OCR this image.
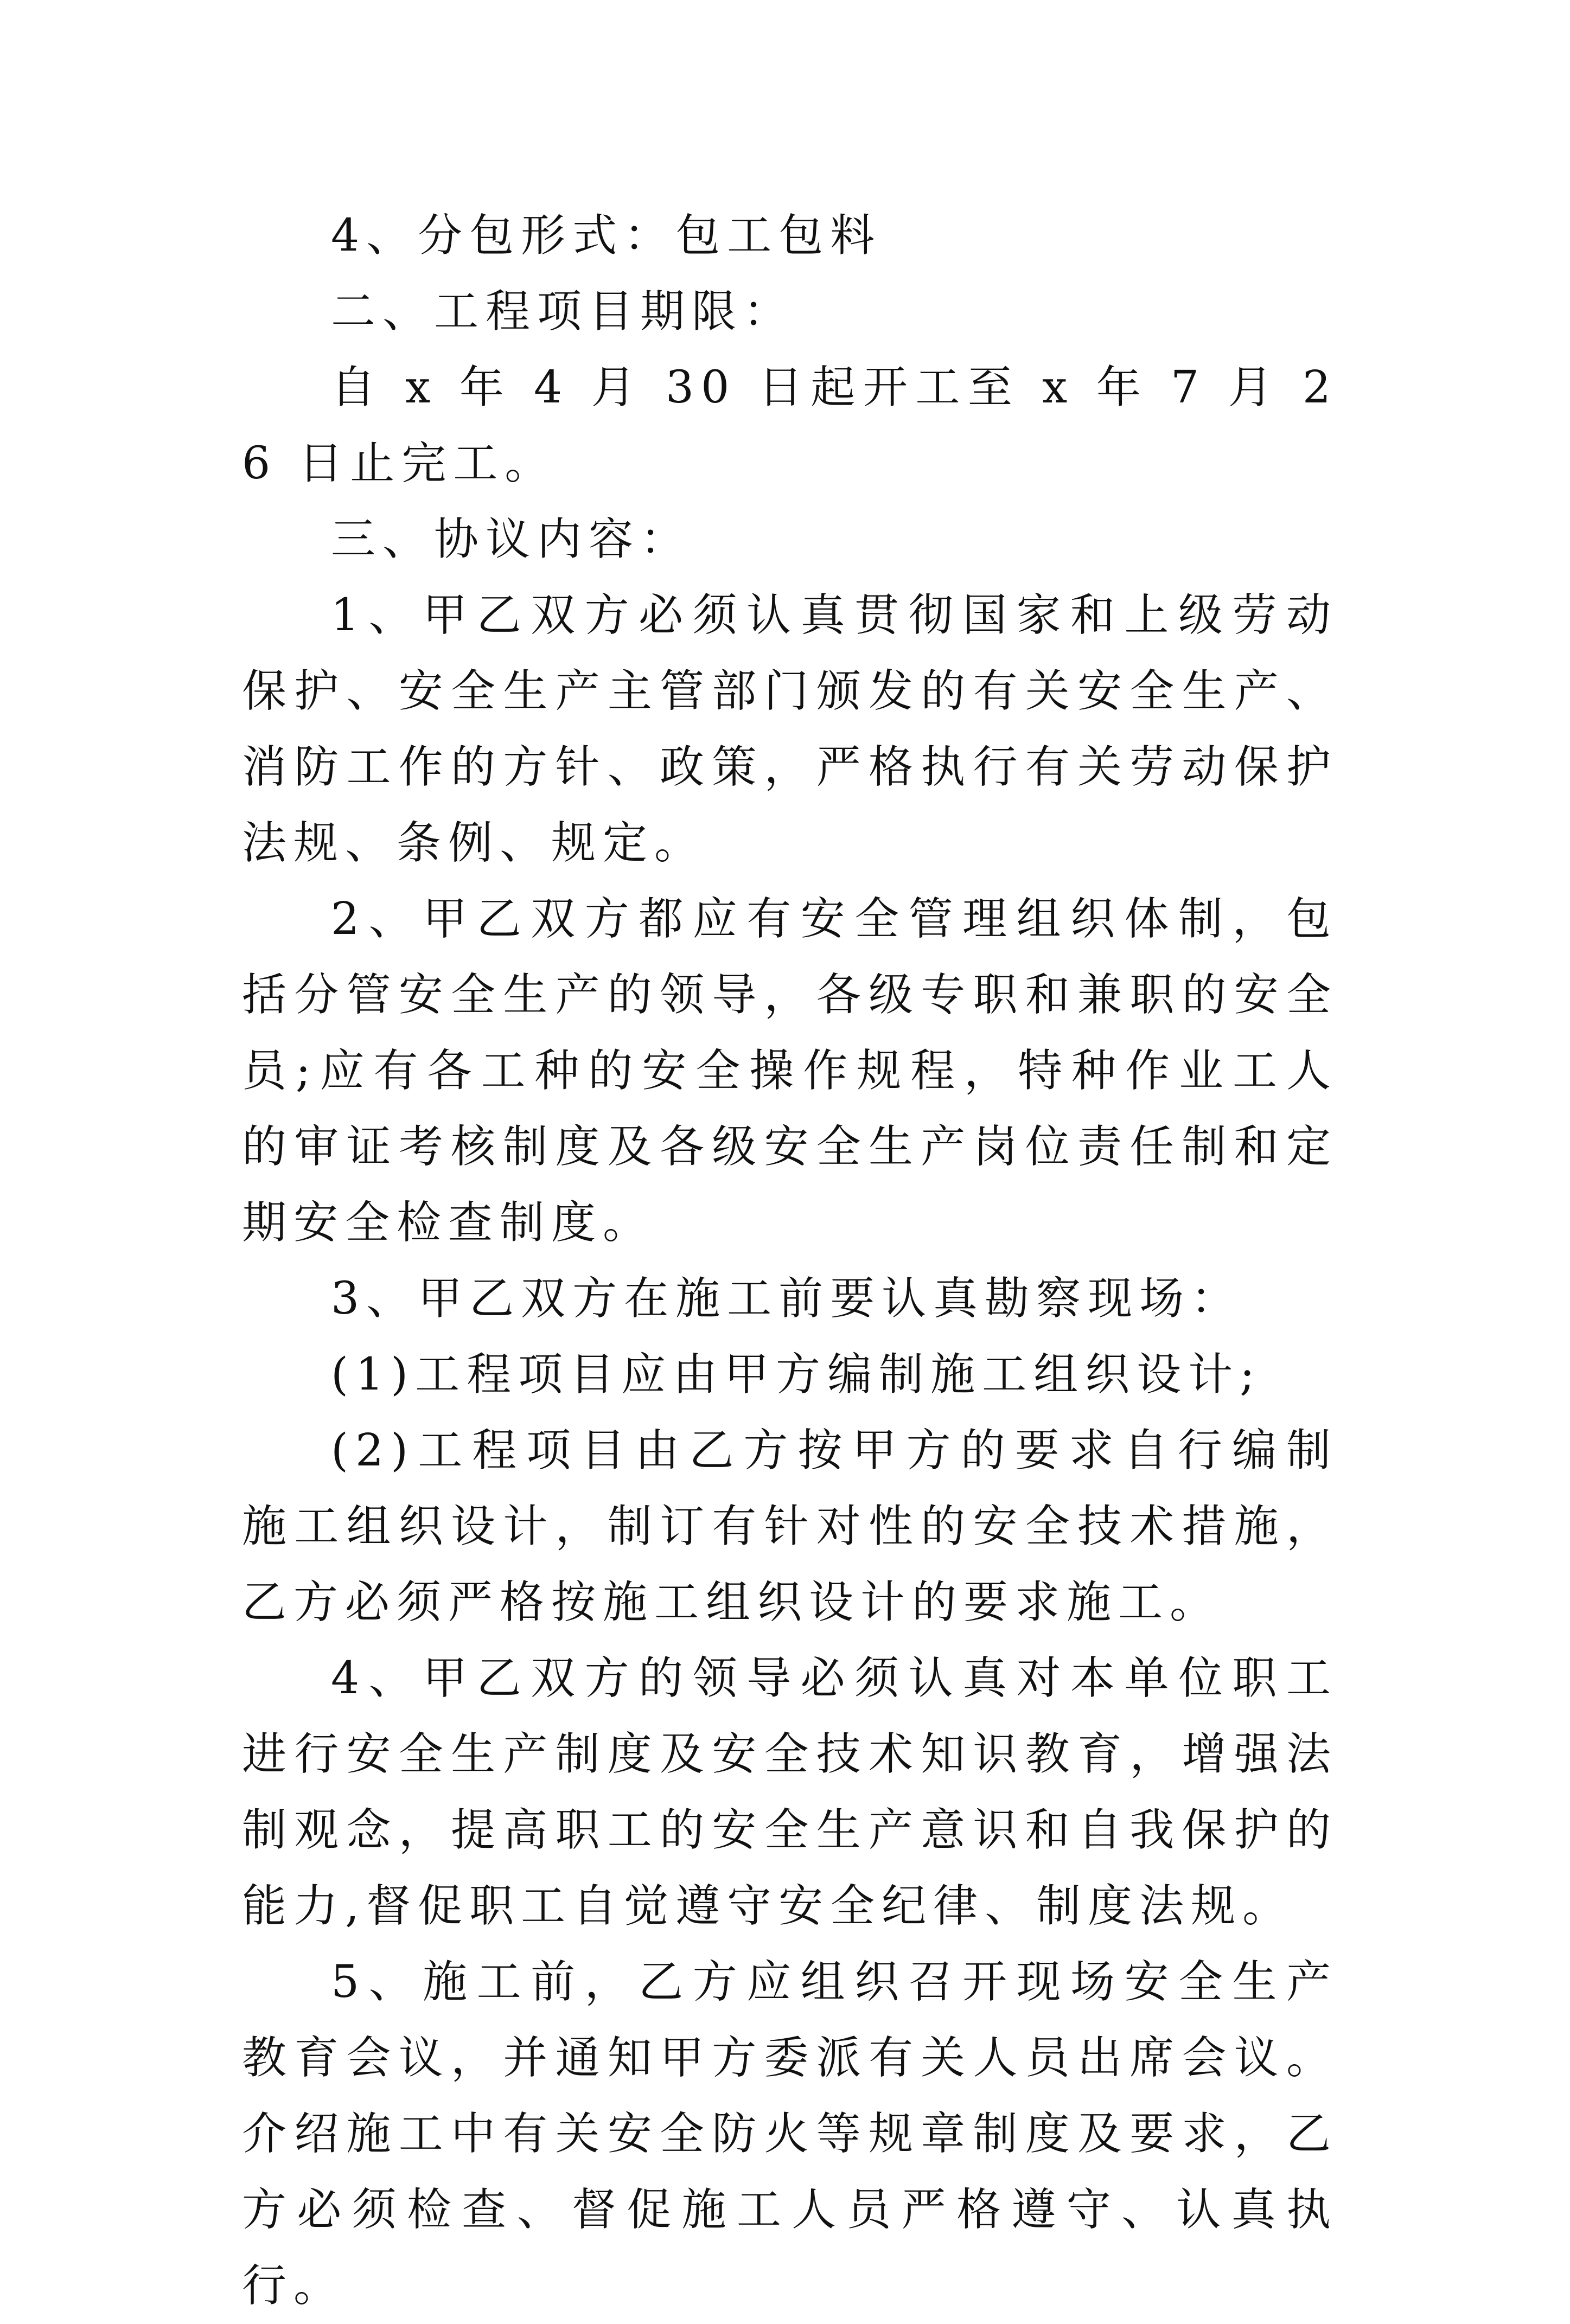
4、分包形式：包工包料

二、工程项目期限：

自 x 年 4 月 30 日起开工至 x 年 7 月 26 日止完工。

三、协议内容：

1、甲乙双方必须认真贯彻国家和上级劳动保护、安全生产主管部门颁发的有关安全生产、消防工作的方针、政策，严格执行有关劳动保护法规、条例、规定。

2、甲乙双方都应有安全管理组织体制，包括分管安全生产的领导，各级专职和兼职的安全员;应有各工种的安全操作规程，特种作业工人的审证考核制度及各级安全生产岗位责任制和定期安全检查制度。

3、甲乙双方在施工前要认真勘察现场：

(1)工程项目应由甲方编制施工组织设计;

(2)工程项目由乙方按甲方的要求自行编制施工组织设计，制订有针对性的安全技术措施，乙方必须严格按施工组织设计的要求施工。

4、甲乙双方的领导必须认真对本单位职工进行安全生产制度及安全技术知识教育，增强法制观念，提高职工的安全生产意识和自我保护的能力,督促职工自觉遵守安全纪律、制度法规。

5、施工前，乙方应组织召开现场安全生产教育会议，并通知甲方委派有关人员出席会议。介绍施工中有关安全防火等规章制度及要求，乙方必须检查、督促施工人员严格遵守、认真执行。
